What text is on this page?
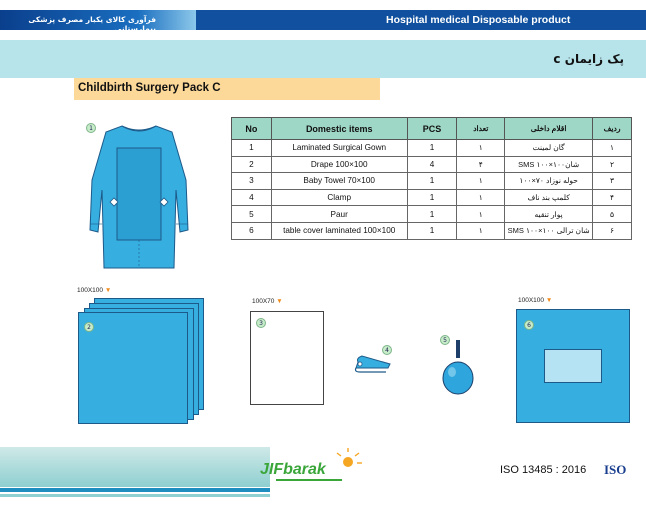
فرآوری کالای یکبار مصرف پزشکی بیمارستانی
Hospital medical Disposable product
پک زایمان c
Childbirth Surgery Pack C
No	Domestic items	PCS	تعداد	اقلام داخلی	ردیف
1	Laminated Surgical Gown	1	۱	گان لمینت	۱
2	Drape 100×100	4	۴	شان۱۰۰×۱۰۰ SMS	۲
3	Baby Towel 70×100	1	۱	حوله نوزاد ۷۰×۱۰۰	۳
4	Clamp	1	۱	کلمپ بند ناف	۴
5	Paur	1	۱	پوار تنقیه	۵
6	table cover laminated 100×100	1	۱	شان ترالی ۱۰۰×۱۰۰ SMS	۶
1
100X100 ▼
2
100X70 ▼
3
4
5
100X100 ▼
6
JIFbarak	ISO 13485 : 2016 ISO
